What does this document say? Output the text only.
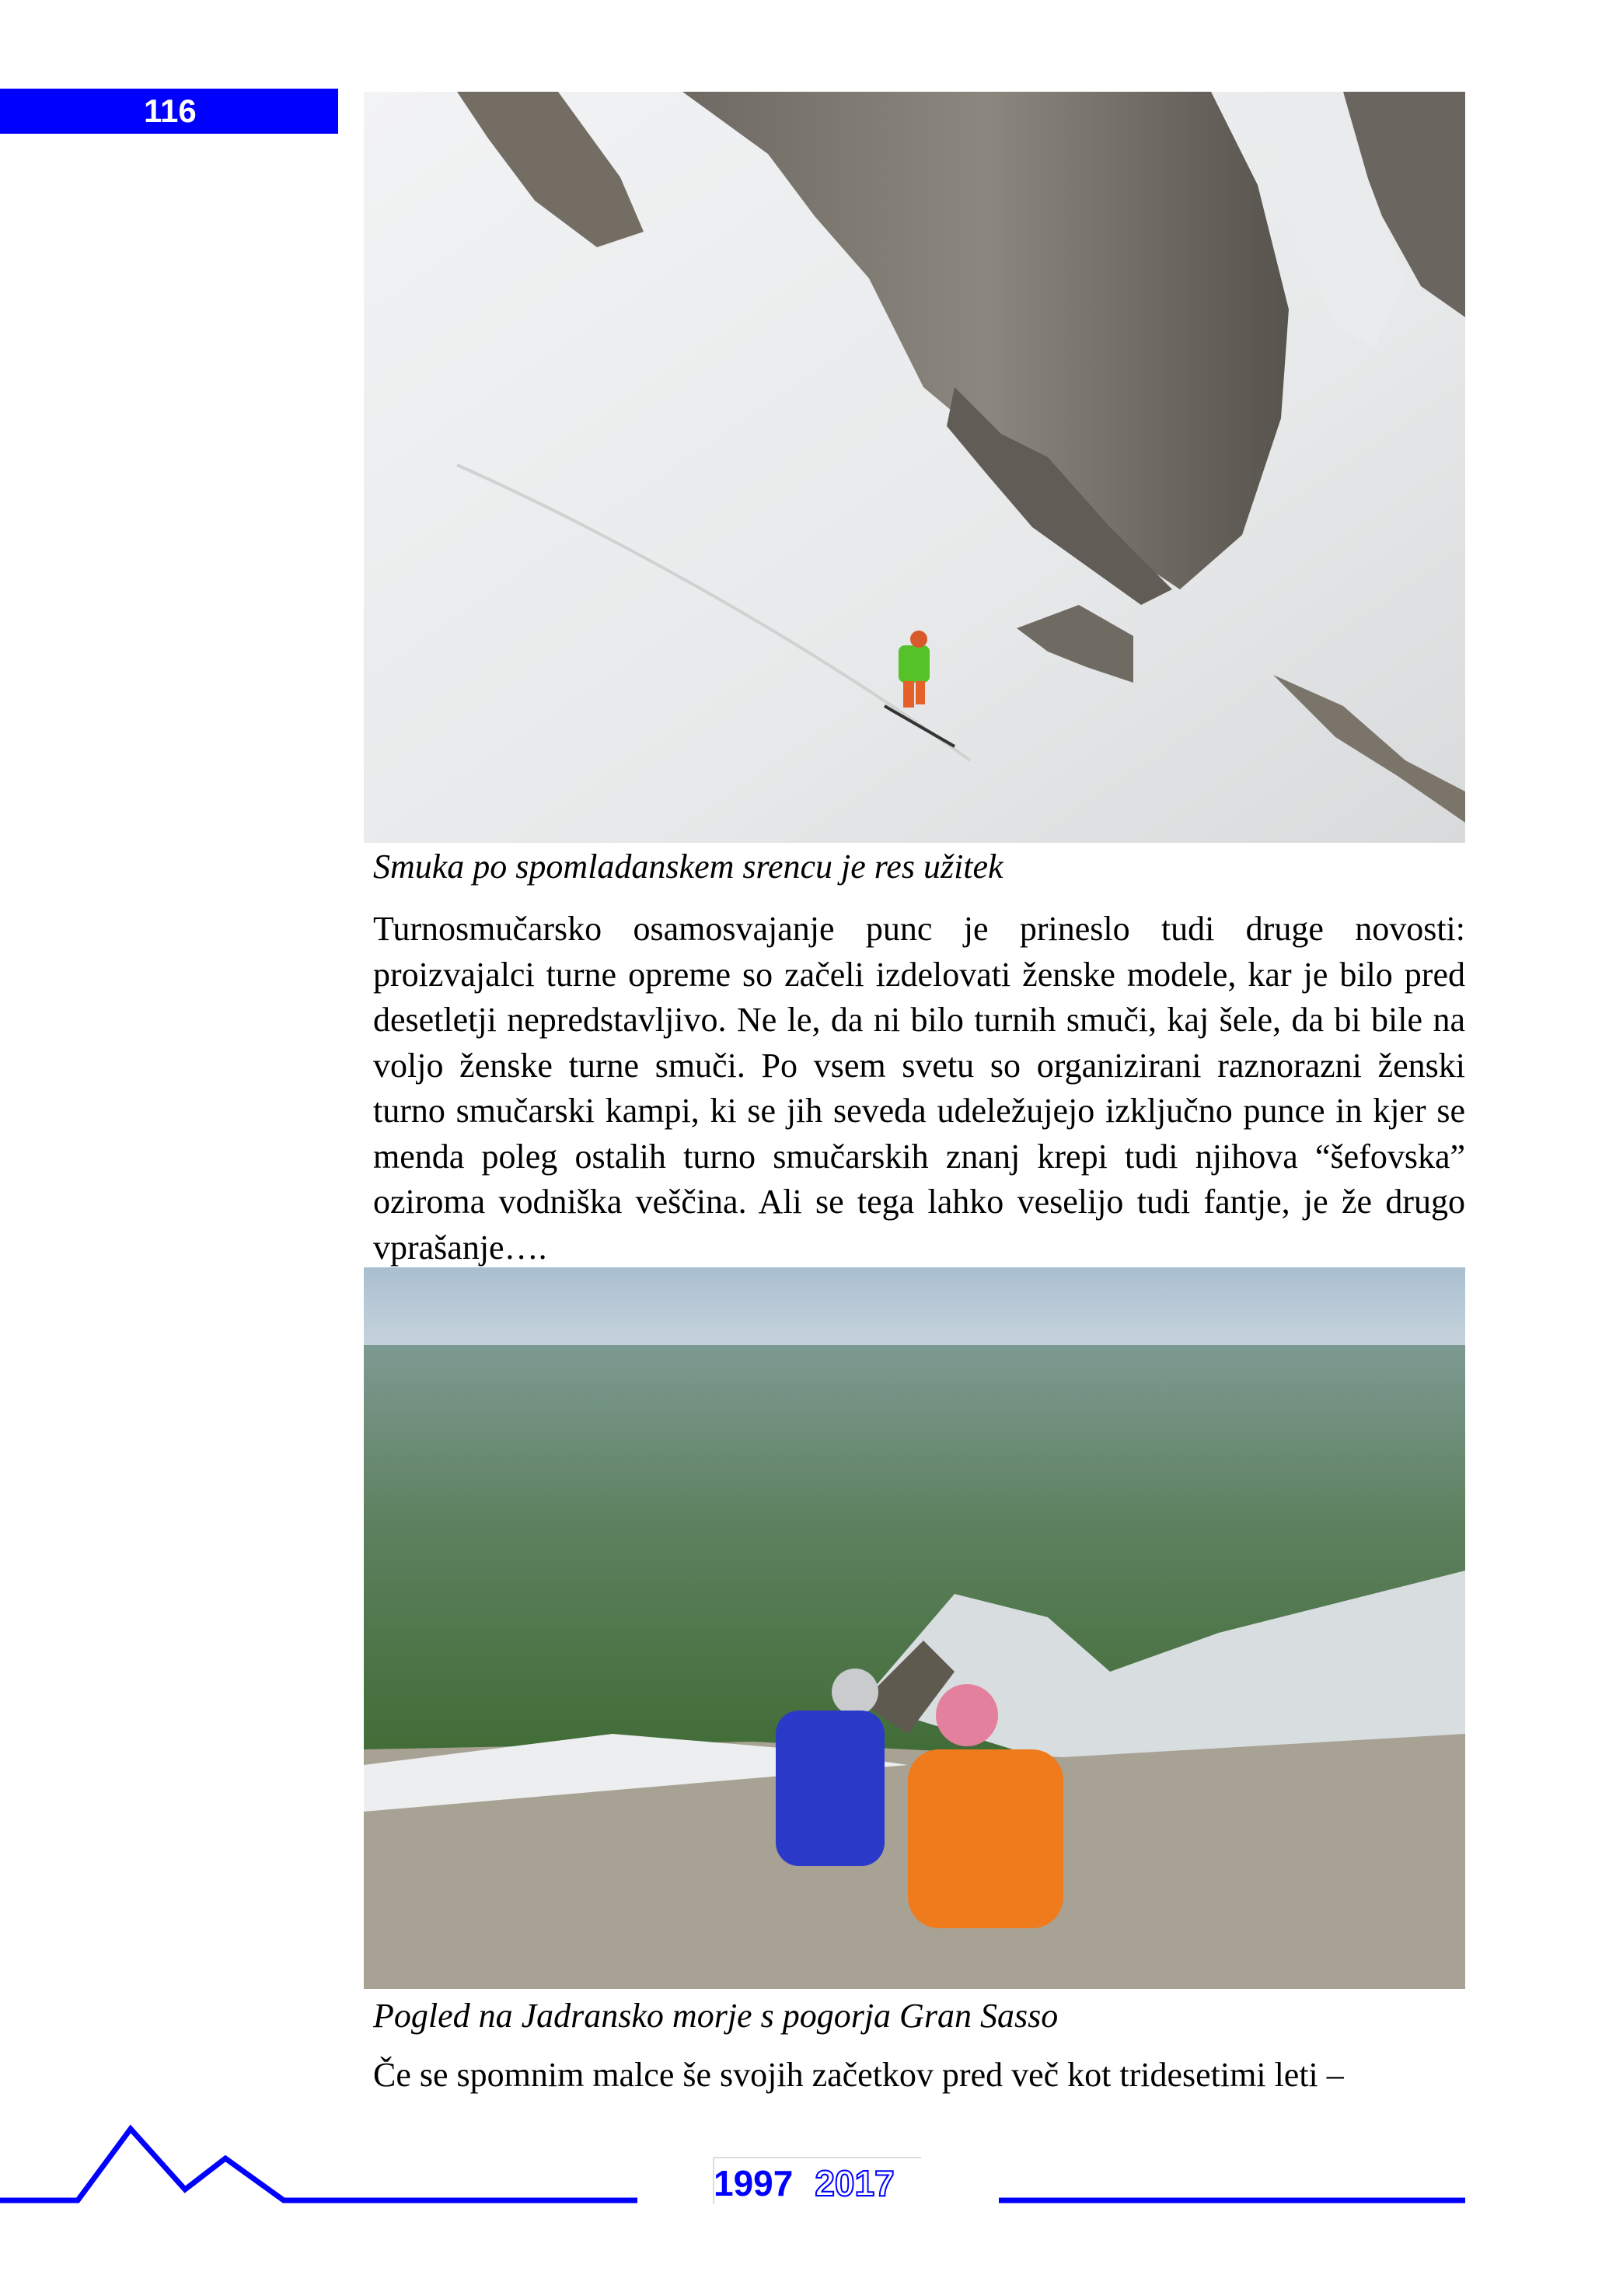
116
Smuka po spomladanskem srencu je res užitek

Turnosmučarsko osamosvajanje punc je prineslo tudi druge novosti: proizvajalci turne opreme so začeli izdelovati ženske modele, kar je bilo pred desetletji nepredstavljivo. Ne le, da ni bilo turnih smuči, kaj šele, da bi bile na voljo ženske turne smuči. Po vsem svetu so organizirani raznorazni ženski turno smučarski kampi, ki se jih seveda udeležujejo izključno punce in kjer se menda poleg ostalih turno smučarskih znanj krepi tudi njihova “šefovska” oziroma vodniška veščina. Ali se tega lahko veselijo tudi fantje, je že drugo vprašanje….

Pogled na Jadransko morje s pogorja Gran Sasso
Če se spomnim malce še svojih začetkov pred več kot tridesetimi leti –
1997 2017
